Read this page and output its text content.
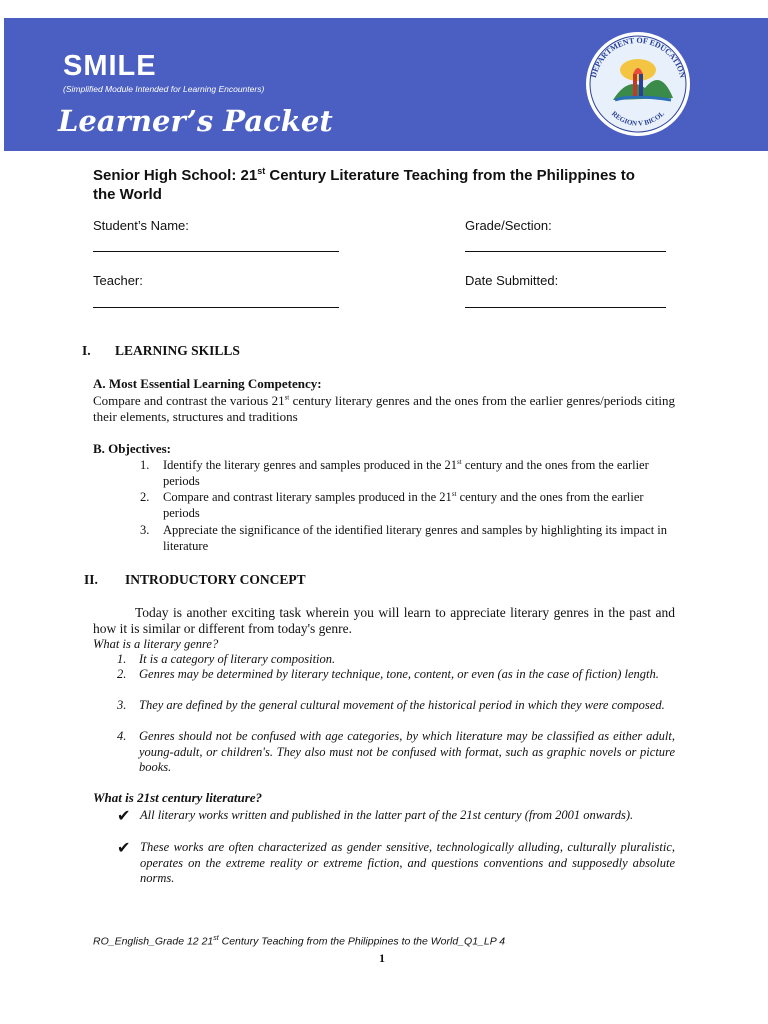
SMILE
(Simplified Module Intended for Learning Encounters)
Learner’s Packet
DEPARTMENT OF EDUCATION
REGION V BICOL
Senior High School: 21st Century Literature Teaching from the Philippines to the World
Student’s Name:	Grade/Section:
Teacher:	Date Submitted:
I. LEARNING SKILLS
A. Most Essential Learning Competency:
Compare and contrast the various 21st century literary genres and the ones from the earlier genres/periods citing their elements, structures and traditions
B. Objectives:
1. Identify the literary genres and samples produced in the 21st century and the ones from the earlier periods
2. Compare and contrast literary samples produced in the 21st century and the ones from the earlier periods
3. Appreciate the significance of the identified literary genres and samples by highlighting its impact in literature
II. INTRODUCTORY CONCEPT
Today is another exciting task wherein you will learn to appreciate literary genres in the past and how it is similar or different from today's genre.
What is a literary genre?
1. It is a category of literary composition.
2. Genres may be determined by literary technique, tone, content, or even (as in the case of fiction) length.
3. They are defined by the general cultural movement of the historical period in which they were composed.
4. Genres should not be confused with age categories, by which literature may be classified as either adult, young-adult, or children's. They also must not be confused with format, such as graphic novels or picture books.
What is 21st century literature?
✔ All literary works written and published in the latter part of the 21st century (from 2001 onwards).
✔ These works are often characterized as gender sensitive, technologically alluding, culturally pluralistic, operates on the extreme reality or extreme fiction, and questions conventions and supposedly absolute norms.
RO_English_Grade 12 21st Century Teaching from the Philippines to the World_Q1_LP 4
1
